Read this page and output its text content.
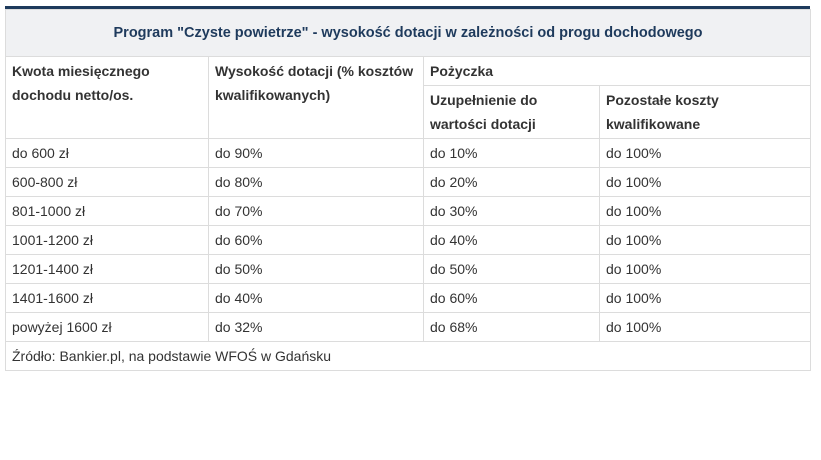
Program "Czyste powietrze" - wysokość dotacji w zależności od progu dochodowego			
Kwota miesięcznego dochodu netto/os.	Wysokość dotacji (% kosztów kwalifikowanych)	Pożyczka	
		Uzupełnienie do wartości dotacji	Pozostałe koszty kwalifikowane
do 600 zł	do 90%	do 10%	do 100%
600-800 zł	do 80%	do 20%	do 100%
801-1000 zł	do 70%	do 30%	do 100%
1001-1200 zł	do 60%	do 40%	do 100%
1201-1400 zł	do 50%	do 50%	do 100%
1401-1600 zł	do 40%	do 60%	do 100%
powyżej 1600 zł	do 32%	do 68%	do 100%
Źródło: Bankier.pl, na podstawie WFOŚ w Gdańsku			
